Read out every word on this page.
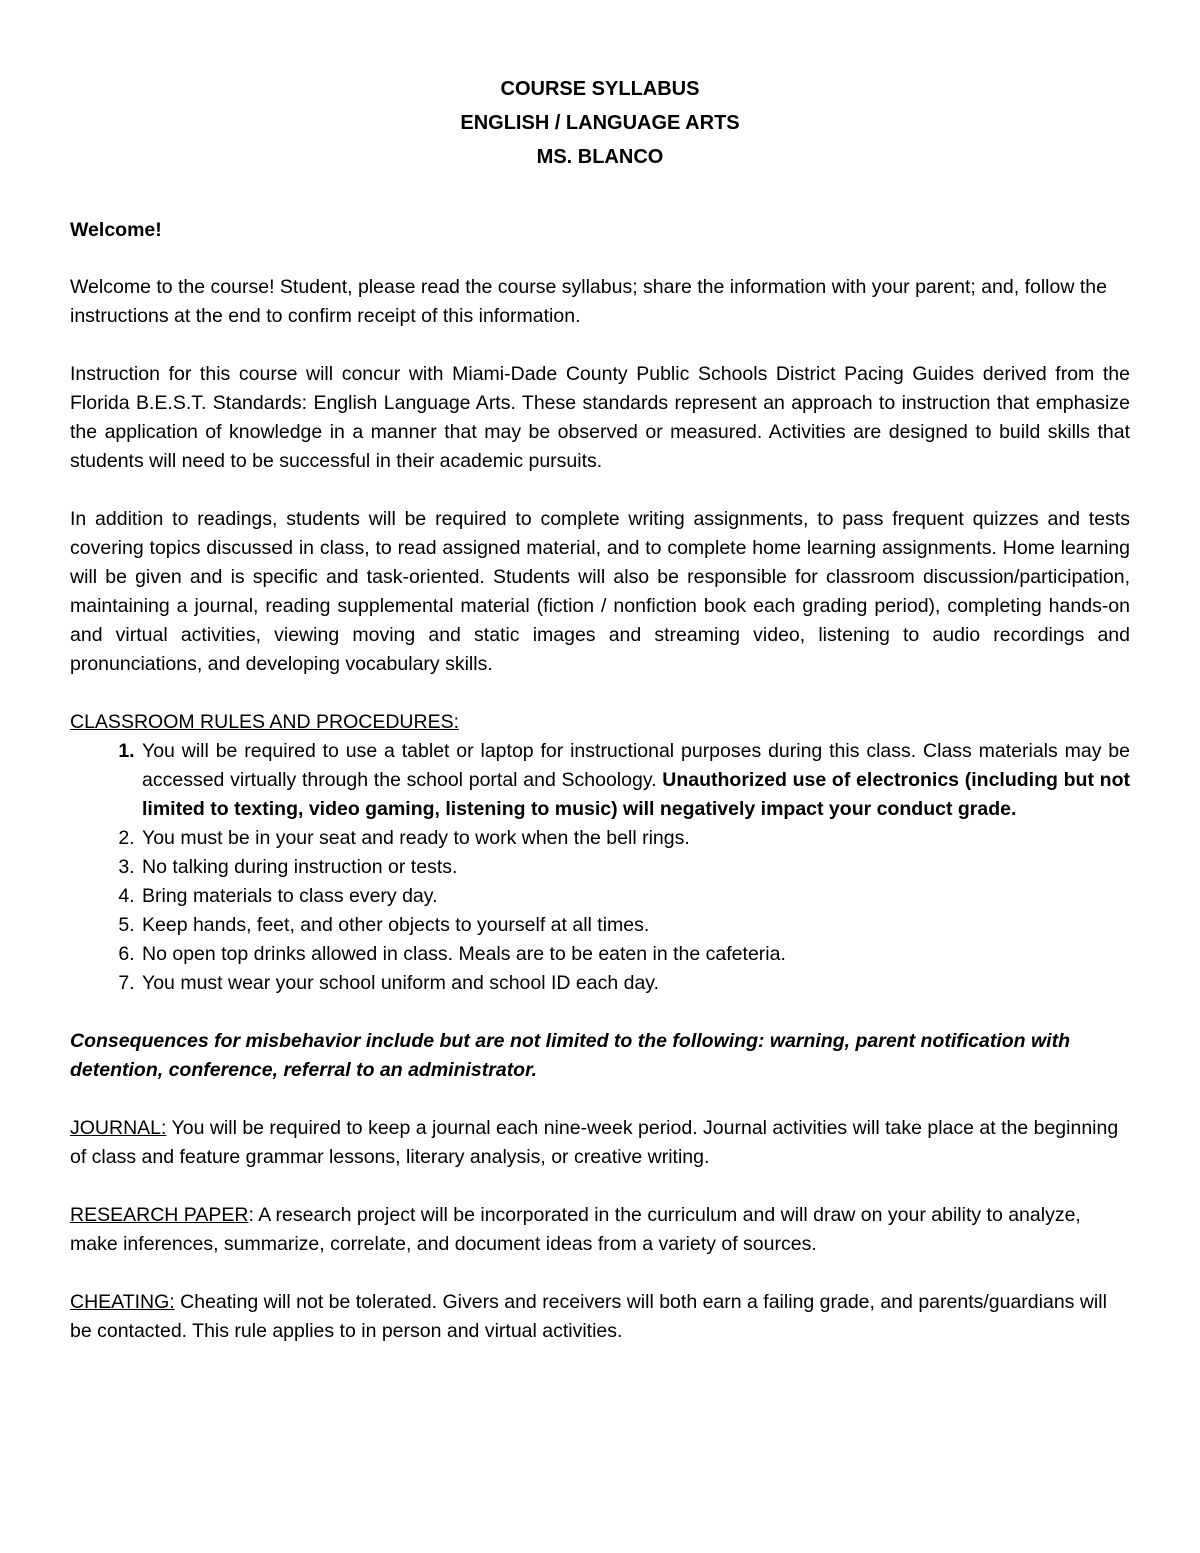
COURSE SYLLABUS
ENGLISH / LANGUAGE ARTS
MS. BLANCO
Welcome!

Welcome to the course! Student, please read the course syllabus; share the information with your parent; and, follow the instructions at the end to confirm receipt of this information.

Instruction for this course will concur with Miami-Dade County Public Schools District Pacing Guides derived from the Florida B.E.S.T. Standards: English Language Arts. These standards represent an approach to instruction that emphasize the application of knowledge in a manner that may be observed or measured. Activities are designed to build skills that students will need to be successful in their academic pursuits.

In addition to readings, students will be required to complete writing assignments, to pass frequent quizzes and tests covering topics discussed in class, to read assigned material, and to complete home learning assignments. Home learning will be given and is specific and task-oriented. Students will also be responsible for classroom discussion/participation, maintaining a journal, reading supplemental material (fiction / nonfiction book each grading period), completing hands-on and virtual activities, viewing moving and static images and streaming video, listening to audio recordings and pronunciations, and developing vocabulary skills.

CLASSROOM RULES AND PROCEDURES:
1. You will be required to use a tablet or laptop for instructional purposes during this class. Class materials may be accessed virtually through the school portal and Schoology. Unauthorized use of electronics (including but not limited to texting, video gaming, listening to music) will negatively impact your conduct grade.
2. You must be in your seat and ready to work when the bell rings.
3. No talking during instruction or tests.
4. Bring materials to class every day.
5. Keep hands, feet, and other objects to yourself at all times.
6. No open top drinks allowed in class. Meals are to be eaten in the cafeteria.
7. You must wear your school uniform and school ID each day.

Consequences for misbehavior include but are not limited to the following: warning, parent notification with detention, conference, referral to an administrator.

JOURNAL: You will be required to keep a journal each nine-week period. Journal activities will take place at the beginning of class and feature grammar lessons, literary analysis, or creative writing.

RESEARCH PAPER: A research project will be incorporated in the curriculum and will draw on your ability to analyze, make inferences, summarize, correlate, and document ideas from a variety of sources.

CHEATING: Cheating will not be tolerated. Givers and receivers will both earn a failing grade, and parents/guardians will be contacted. This rule applies to in person and virtual activities.
